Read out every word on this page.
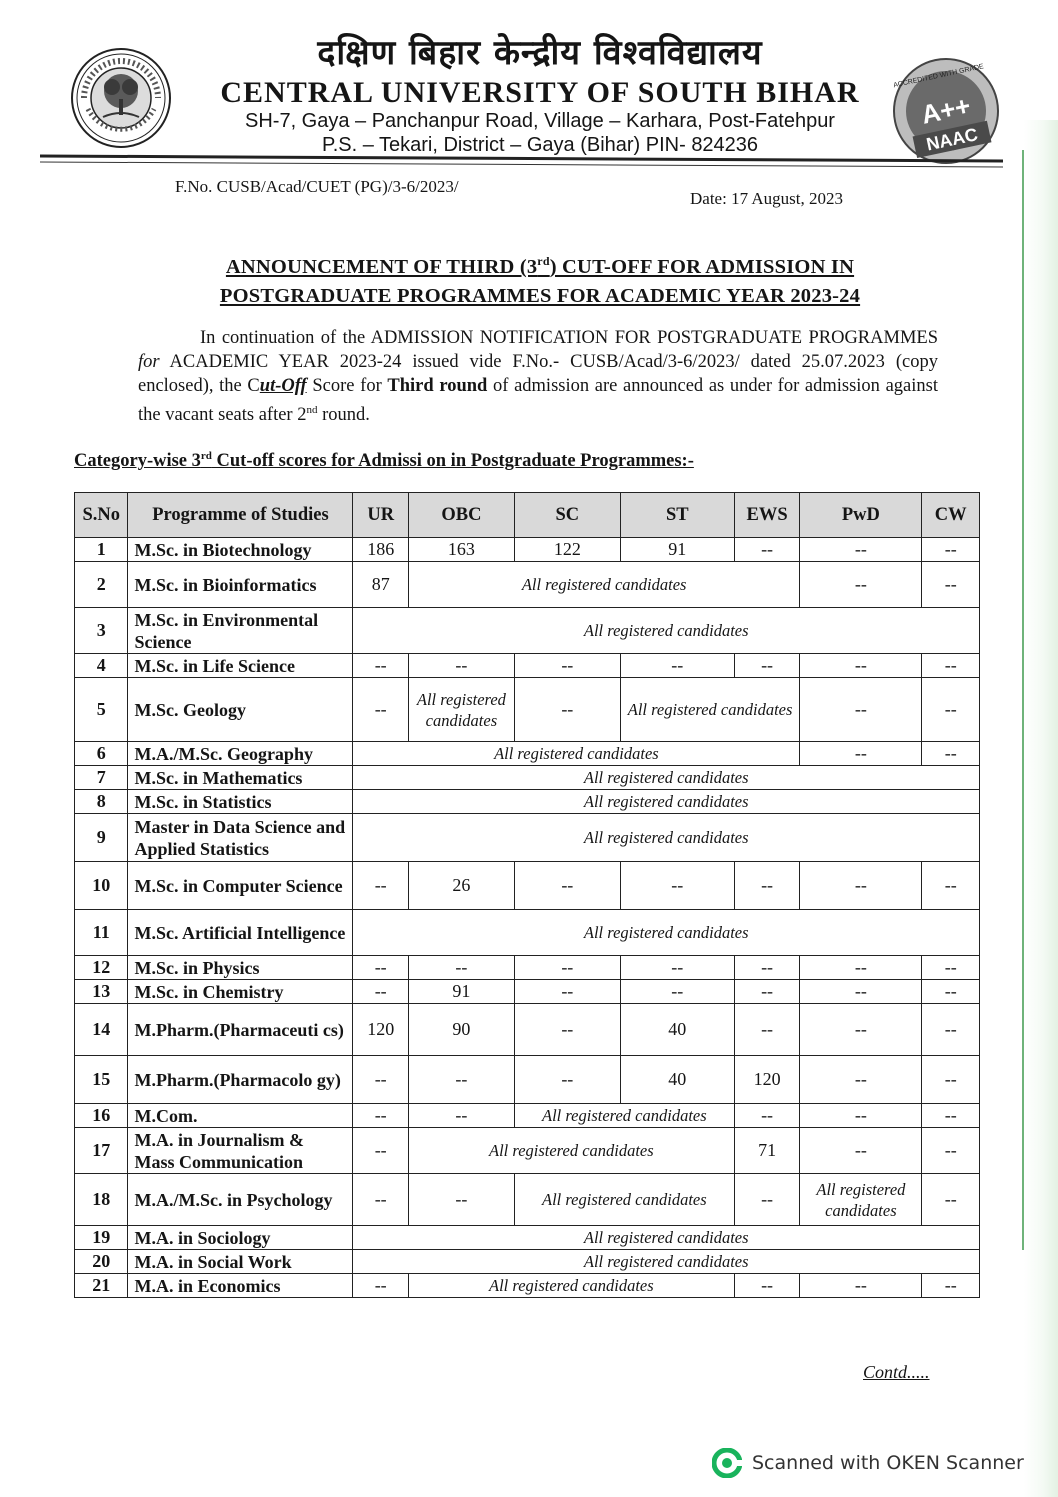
दक्षिण बिहार केन्द्रीय विश्वविद्यालय
CENTRAL UNIVERSITY OF SOUTH BIHAR
SH-7, Gaya – Panchanpur Road, Village – Karhara, Post-Fatehpur
P.S. – Tekari, District – Gaya (Bihar) PIN- 824236
ACCREDITED WITH GRADE
A++
NAAC
F.No. CUSB/Acad/CUET (PG)/3-6/2023/
Date: 17 August, 2023
ANNOUNCEMENT OF THIRD (3rd) CUT-OFF FOR ADMISSION IN
POSTGRADUATE PROGRAMMES FOR ACADEMIC YEAR 2023-24
In continuation of the ADMISSION NOTIFICATION FOR POSTGRADUATE PROGRAMMES for ACADEMIC YEAR 2023-24 issued vide F.No.- CUSB/Acad/3-6/2023/ dated 25.07.2023 (copy enclosed), the Cut-Off Score for Third round of admission are announced as under for admission against the vacant seats after 2nd round.
Category-wise 3rd Cut-off scores for Admissi on in Postgraduate Programmes:-
S.No	Programme of Studies	UR	OBC	SC	ST	EWS	PwD	CW
1	M.Sc. in Biotechnology	186	163	122	91	--	--	--
2	M.Sc. in Bioinformatics	87	All registered candidates				--	--
3	M.Sc. in Environmental Science	All registered candidates						
4	M.Sc. in Life Science	--	--	--	--	--	--	--
5	M.Sc. Geology	--	All registered candidates	--	All registered candidates		--	--
6	M.A./M.Sc. Geography	All registered candidates					--	--
7	M.Sc. in Mathematics	All registered candidates						
8	M.Sc. in Statistics	All registered candidates						
9	Master in Data Science and Applied Statistics	All registered candidates						
10	M.Sc. in Computer Science	--	26	--	--	--	--	--
11	M.Sc. Artificial Intelligence	All registered candidates						
12	M.Sc. in Physics	--	--	--	--	--	--	--
13	M.Sc. in Chemistry	--	91	--	--	--	--	--
14	M.Pharm.(Pharmaceuti cs)	120	90	--	40	--	--	--
15	M.Pharm.(Pharmacolo gy)	--	--	--	40	120	--	--
16	M.Com.	--	--	All registered candidates		--	--	--
17	M.A. in Journalism & Mass Communication	--	All registered candidates			71	--	--
18	M.A./M.Sc. in Psychology	--	--	All registered candidates		--	All registered candidates	--
19	M.A. in Sociology	All registered candidates						
20	M.A. in Social Work	All registered candidates						
21	M.A. in Economics	--	All registered candidates			--	--	--
Contd.....
Scanned with OKEN Scanner
